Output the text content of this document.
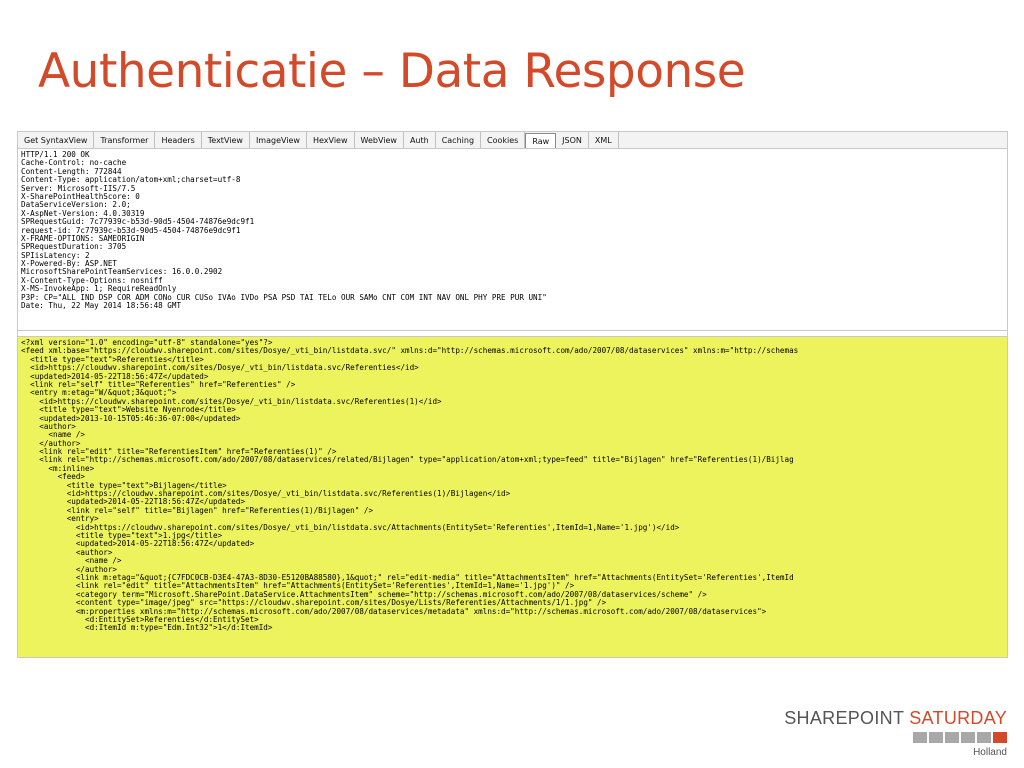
Authenticatie – Data Response
Get SyntaxView	Transformer	Headers	TextView	ImageView	HexView	WebView	Auth	Caching	Cookies	Raw	JSON	XML
HTTP/1.1 200 OK
Cache-Control: no-cache
Content-Length: 772844
Content-Type: application/atom+xml;charset=utf-8
Server: Microsoft-IIS/7.5
X-SharePointHealthScore: 0
DataServiceVersion: 2.0;
X-AspNet-Version: 4.0.30319
SPRequestGuid: 7c77939c-b53d-90d5-4504-74876e9dc9f1
request-id: 7c77939c-b53d-90d5-4504-74876e9dc9f1
X-FRAME-OPTIONS: SAMEORIGIN
SPRequestDuration: 3705
SPIisLatency: 2
X-Powered-By: ASP.NET
MicrosoftSharePointTeamServices: 16.0.0.2902
X-Content-Type-Options: nosniff
X-MS-InvokeApp: 1; RequireReadOnly
P3P: CP="ALL IND DSP COR ADM CONo CUR CUSo IVAo IVDo PSA PSD TAI TELo OUR SAMo CNT COM INT NAV ONL PHY PRE PUR UNI"
Date: Thu, 22 May 2014 18:56:48 GMT
<?xml version="1.0" encoding="utf-8" standalone="yes"?>
<feed xml:base="https://cloudwv.sharepoint.com/sites/Dosye/_vti_bin/listdata.svc/" xmlns:d="http://schemas.microsoft.com/ado/2007/08/dataservices" xmlns:m="http://schemas
<title type="text">Referenties</title>
<id>https://cloudwv.sharepoint.com/sites/Dosye/_vti_bin/listdata.svc/Referenties</id>
<updated>2014-05-22T18:56:47Z</updated>
<link rel="self" title="Referenties" href="Referenties" />
<entry m:etag="W/&quot;3&quot;">
<id>https://cloudwv.sharepoint.com/sites/Dosye/_vti_bin/listdata.svc/Referenties(1)</id>
<title type="text">Website Nyenrode</title>
<updated>2013-10-15T05:46:36-07:00</updated>
<author>
<name />
</author>
<link rel="edit" title="ReferentiesItem" href="Referenties(1)" />
<link rel="http://schemas.microsoft.com/ado/2007/08/dataservices/related/Bijlagen" type="application/atom+xml;type=feed" title="Bijlagen" href="Referenties(1)/Bijlag
<m:inline>
<feed>
<title type="text">Bijlagen</title>
<id>https://cloudwv.sharepoint.com/sites/Dosye/_vti_bin/listdata.svc/Referenties(1)/Bijlagen</id>
<updated>2014-05-22T18:56:47Z</updated>
<link rel="self" title="Bijlagen" href="Referenties(1)/Bijlagen" />
<entry>
<id>https://cloudwv.sharepoint.com/sites/Dosye/_vti_bin/listdata.svc/Attachments(EntitySet='Referenties',ItemId=1,Name='1.jpg')</id>
<title type="text">1.jpg</title>
<updated>2014-05-22T18:56:47Z</updated>
<author>
<name />
</author>
<link m:etag="&quot;{C7FDC0CB-D3E4-47A3-8D30-E5120BA88580},1&quot;" rel="edit-media" title="AttachmentsItem" href="Attachments(EntitySet='Referenties',ItemId
<link rel="edit" title="AttachmentsItem" href="Attachments(EntitySet='Referenties',ItemId=1,Name='1.jpg')" />
<category term="Microsoft.SharePoint.DataService.AttachmentsItem" scheme="http://schemas.microsoft.com/ado/2007/08/dataservices/scheme" />
<content type="image/jpeg" src="https://cloudwv.sharepoint.com/sites/Dosye/Lists/Referenties/Attachments/1/1.jpg" />
<m:properties xmlns:m="http://schemas.microsoft.com/ado/2007/08/dataservices/metadata" xmlns:d="http://schemas.microsoft.com/ado/2007/08/dataservices">
<d:EntitySet>Referenties</d:EntitySet>
<d:ItemId m:type="Edm.Int32">1</d:ItemId>
SHAREPOINT SATURDAY
Holland
